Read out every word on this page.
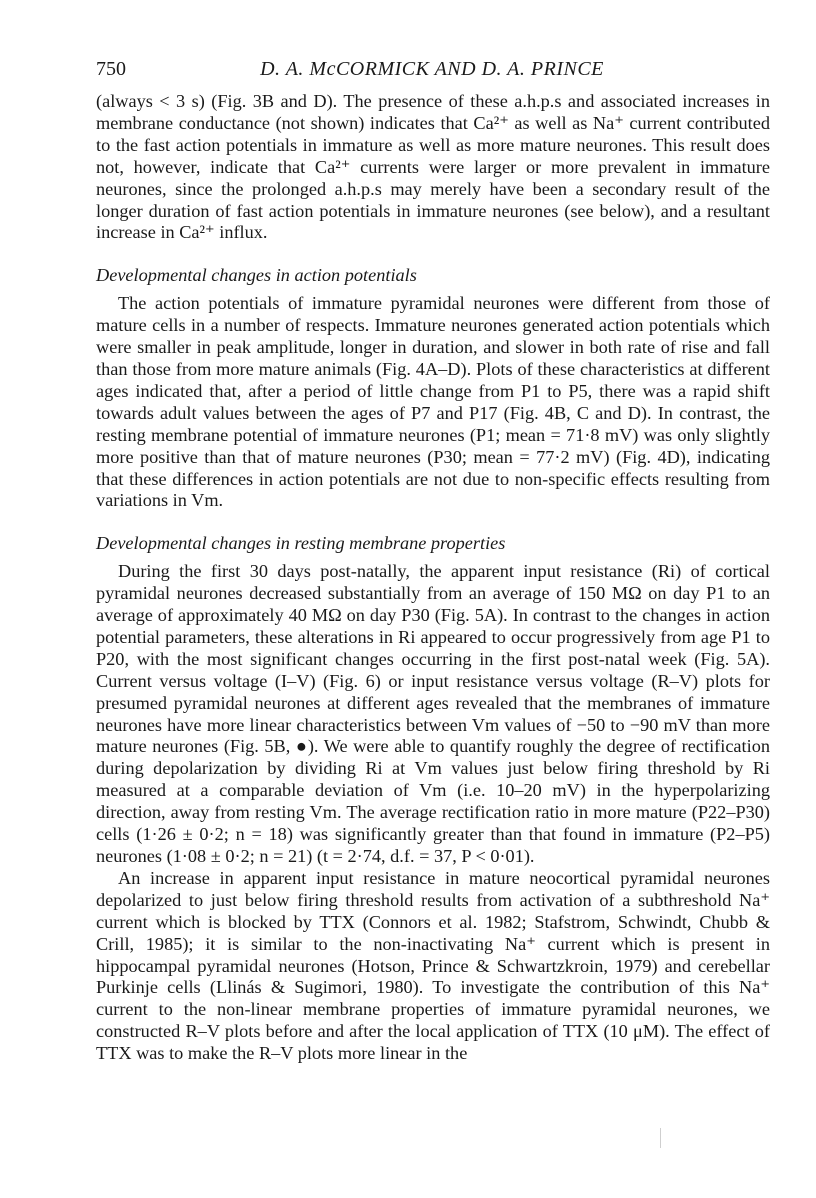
750	D. A. McCORMICK AND D. A. PRINCE

(always < 3 s) (Fig. 3B and D). The presence of these a.h.p.s and associated increases in membrane conductance (not shown) indicates that Ca²⁺ as well as Na⁺ current contributed to the fast action potentials in immature as well as more mature neurones. This result does not, however, indicate that Ca²⁺ currents were larger or more prevalent in immature neurones, since the prolonged a.h.p.s may merely have been a secondary result of the longer duration of fast action potentials in immature neurones (see below), and a resultant increase in Ca²⁺ influx.

Developmental changes in action potentials

The action potentials of immature pyramidal neurones were different from those of mature cells in a number of respects. Immature neurones generated action potentials which were smaller in peak amplitude, longer in duration, and slower in both rate of rise and fall than those from more mature animals (Fig. 4A–D). Plots of these characteristics at different ages indicated that, after a period of little change from P1 to P5, there was a rapid shift towards adult values between the ages of P7 and P17 (Fig. 4B, C and D). In contrast, the resting membrane potential of immature neurones (P1; mean = 71·8 mV) was only slightly more positive than that of mature neurones (P30; mean = 77·2 mV) (Fig. 4D), indicating that these differences in action potentials are not due to non-specific effects resulting from variations in Vm.

Developmental changes in resting membrane properties

During the first 30 days post-natally, the apparent input resistance (Ri) of cortical pyramidal neurones decreased substantially from an average of 150 MΩ on day P1 to an average of approximately 40 MΩ on day P30 (Fig. 5A). In contrast to the changes in action potential parameters, these alterations in Ri appeared to occur progressively from age P1 to P20, with the most significant changes occurring in the first post-natal week (Fig. 5A). Current versus voltage (I–V) (Fig. 6) or input resistance versus voltage (R–V) plots for presumed pyramidal neurones at different ages revealed that the membranes of immature neurones have more linear characteristics between Vm values of −50 to −90 mV than more mature neurones (Fig. 5B, ●). We were able to quantify roughly the degree of rectification during depolarization by dividing Ri at Vm values just below firing threshold by Ri measured at a comparable deviation of Vm (i.e. 10–20 mV) in the hyperpolarizing direction, away from resting Vm. The average rectification ratio in more mature (P22–P30) cells (1·26 ± 0·2; n = 18) was significantly greater than that found in immature (P2–P5) neurones (1·08 ± 0·2; n = 21) (t = 2·74, d.f. = 37, P < 0·01).

An increase in apparent input resistance in mature neocortical pyramidal neurones depolarized to just below firing threshold results from activation of a subthreshold Na⁺ current which is blocked by TTX (Connors et al. 1982; Stafstrom, Schwindt, Chubb & Crill, 1985); it is similar to the non-inactivating Na⁺ current which is present in hippocampal pyramidal neurones (Hotson, Prince & Schwartzkroin, 1979) and cerebellar Purkinje cells (Llinás & Sugimori, 1980). To investigate the contribution of this Na⁺ current to the non-linear membrane properties of immature pyramidal neurones, we constructed R–V plots before and after the local application of TTX (10 μM). The effect of TTX was to make the R–V plots more linear in the
